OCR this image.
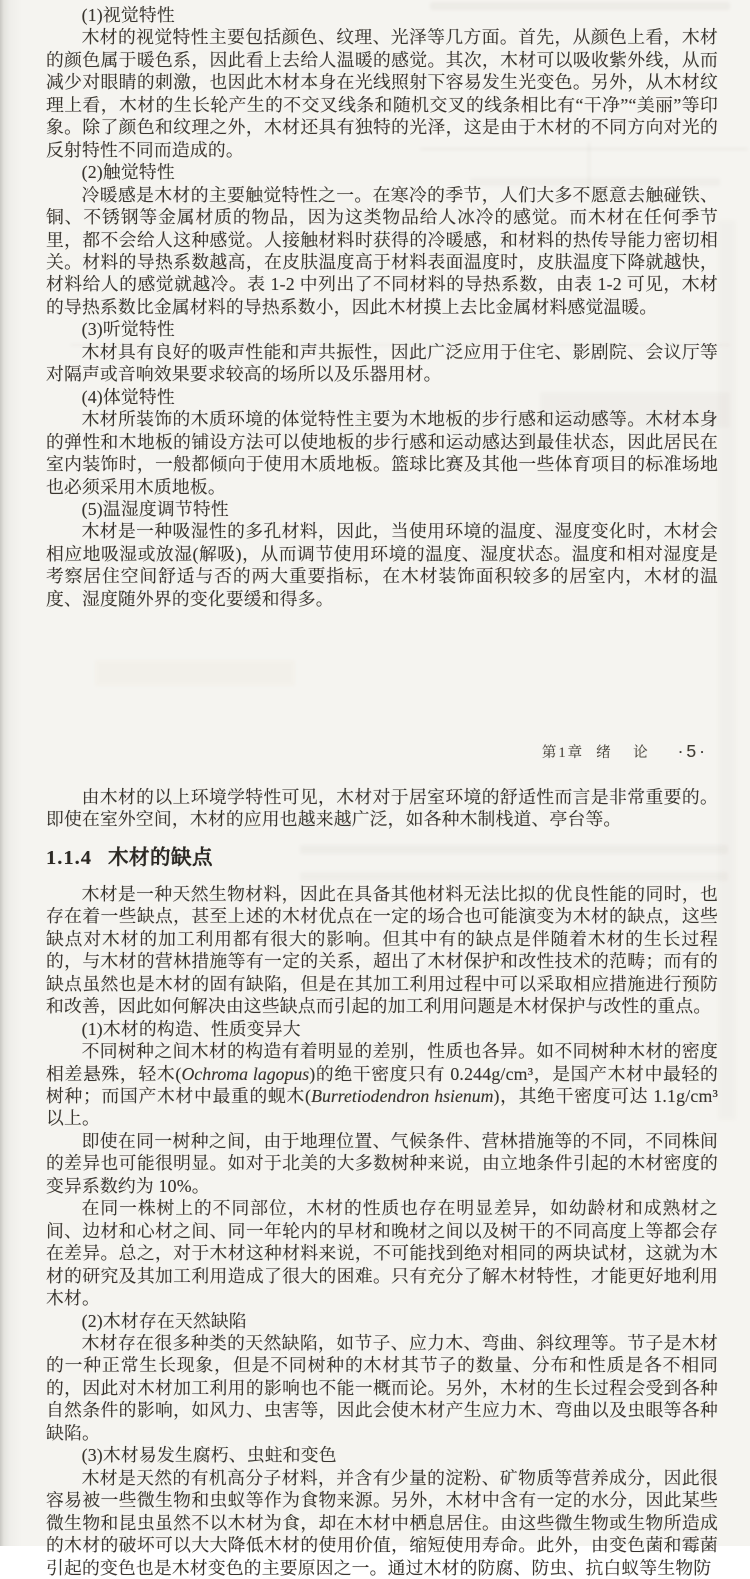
(1)视觉特性

木材的视觉特性主要包括颜色、纹理、光泽等几方面。首先，从颜色上看，木材的颜色属于暖色系，因此看上去给人温暖的感觉。其次，木材可以吸收紫外线，从而减少对眼睛的刺激，也因此木材本身在光线照射下容易发生光变色。另外，从木材纹理上看，木材的生长轮产生的不交叉线条和随机交叉的线条相比有“干净”“美丽”等印象。除了颜色和纹理之外，木材还具有独特的光泽，这是由于木材的不同方向对光的反射特性不同而造成的。

(2)触觉特性

冷暖感是木材的主要触觉特性之一。在寒冷的季节，人们大多不愿意去触碰铁、铜、不锈钢等金属材质的物品，因为这类物品给人冰冷的感觉。而木材在任何季节里，都不会给人这种感觉。人接触材料时获得的冷暖感，和材料的热传导能力密切相关。材料的导热系数越高，在皮肤温度高于材料表面温度时，皮肤温度下降就越快，材料给人的感觉就越冷。表 1-2 中列出了不同材料的导热系数，由表 1-2 可见，木材的导热系数比金属材料的导热系数小，因此木材摸上去比金属材料感觉温暖。

(3)听觉特性

木材具有良好的吸声性能和声共振性，因此广泛应用于住宅、影剧院、会议厅等对隔声或音响效果要求较高的场所以及乐器用材。

(4)体觉特性

木材所装饰的木质环境的体觉特性主要为木地板的步行感和运动感等。木材本身的弹性和木地板的铺设方法可以使地板的步行感和运动感达到最佳状态，因此居民在室内装饰时，一般都倾向于使用木质地板。篮球比赛及其他一些体育项目的标准场地也必须采用木质地板。

(5)温湿度调节特性

木材是一种吸湿性的多孔材料，因此，当使用环境的温度、湿度变化时，木材会相应地吸湿或放湿(解吸)，从而调节使用环境的温度、湿度状态。温度和相对湿度是考察居住空间舒适与否的两大重要指标，在木材装饰面积较多的居室内，木材的温度、湿度随外界的变化要缓和得多。

第1章 绪　论 ·5·

由木材的以上环境学特性可见，木材对于居室环境的舒适性而言是非常重要的。即使在室外空间，木材的应用也越来越广泛，如各种木制栈道、亭台等。

1.1.4 木材的缺点

木材是一种天然生物材料，因此在具备其他材料无法比拟的优良性能的同时，也存在着一些缺点，甚至上述的木材优点在一定的场合也可能演变为木材的缺点，这些缺点对木材的加工利用都有很大的影响。但其中有的缺点是伴随着木材的生长过程的，与木材的营林措施等有一定的关系，超出了木材保护和改性技术的范畴；而有的缺点虽然也是木材的固有缺陷，但是在其加工利用过程中可以采取相应措施进行预防和改善，因此如何解决由这些缺点而引起的加工利用问题是木材保护与改性的重点。

(1)木材的构造、性质变异大

不同树种之间木材的构造有着明显的差别，性质也各异。如不同树种木材的密度相差悬殊，轻木(Ochroma lagopus)的绝干密度只有 0.244g/cm³，是国产木材中最轻的树种；而国产木材中最重的蚬木(Burretiodendron hsienum)，其绝干密度可达 1.1g/cm³ 以上。

即使在同一树种之间，由于地理位置、气候条件、营林措施等的不同，不同株间的差异也可能很明显。如对于北美的大多数树种来说，由立地条件引起的木材密度的变异系数约为 10%。

在同一株树上的不同部位，木材的性质也存在明显差异，如幼龄材和成熟材之间、边材和心材之间、同一年轮内的早材和晚材之间以及树干的不同高度上等都会存在差异。总之，对于木材这种材料来说，不可能找到绝对相同的两块试材，这就为木材的研究及其加工利用造成了很大的困难。只有充分了解木材特性，才能更好地利用木材。

(2)木材存在天然缺陷

木材存在很多种类的天然缺陷，如节子、应力木、弯曲、斜纹理等。节子是木材的一种正常生长现象，但是不同树种的木材其节子的数量、分布和性质是各不相同的，因此对木材加工利用的影响也不能一概而论。另外，木材的生长过程会受到各种自然条件的影响，如风力、虫害等，因此会使木材产生应力木、弯曲以及虫眼等各种缺陷。

(3)木材易发生腐朽、虫蛀和变色

木材是天然的有机高分子材料，并含有少量的淀粉、矿物质等营养成分，因此很容易被一些微生物和虫蚁等作为食物来源。另外，木材中含有一定的水分，因此某些微生物和昆虫虽然不以木材为食，却在木材中栖息居住。由这些微生物或生物所造成的木材的破坏可以大大降低木材的使用价值，缩短使用寿命。此外，由变色菌和霉菌引起的变色也是木材变色的主要原因之一。通过木材的防腐、防虫、抗白蚁等生物防
